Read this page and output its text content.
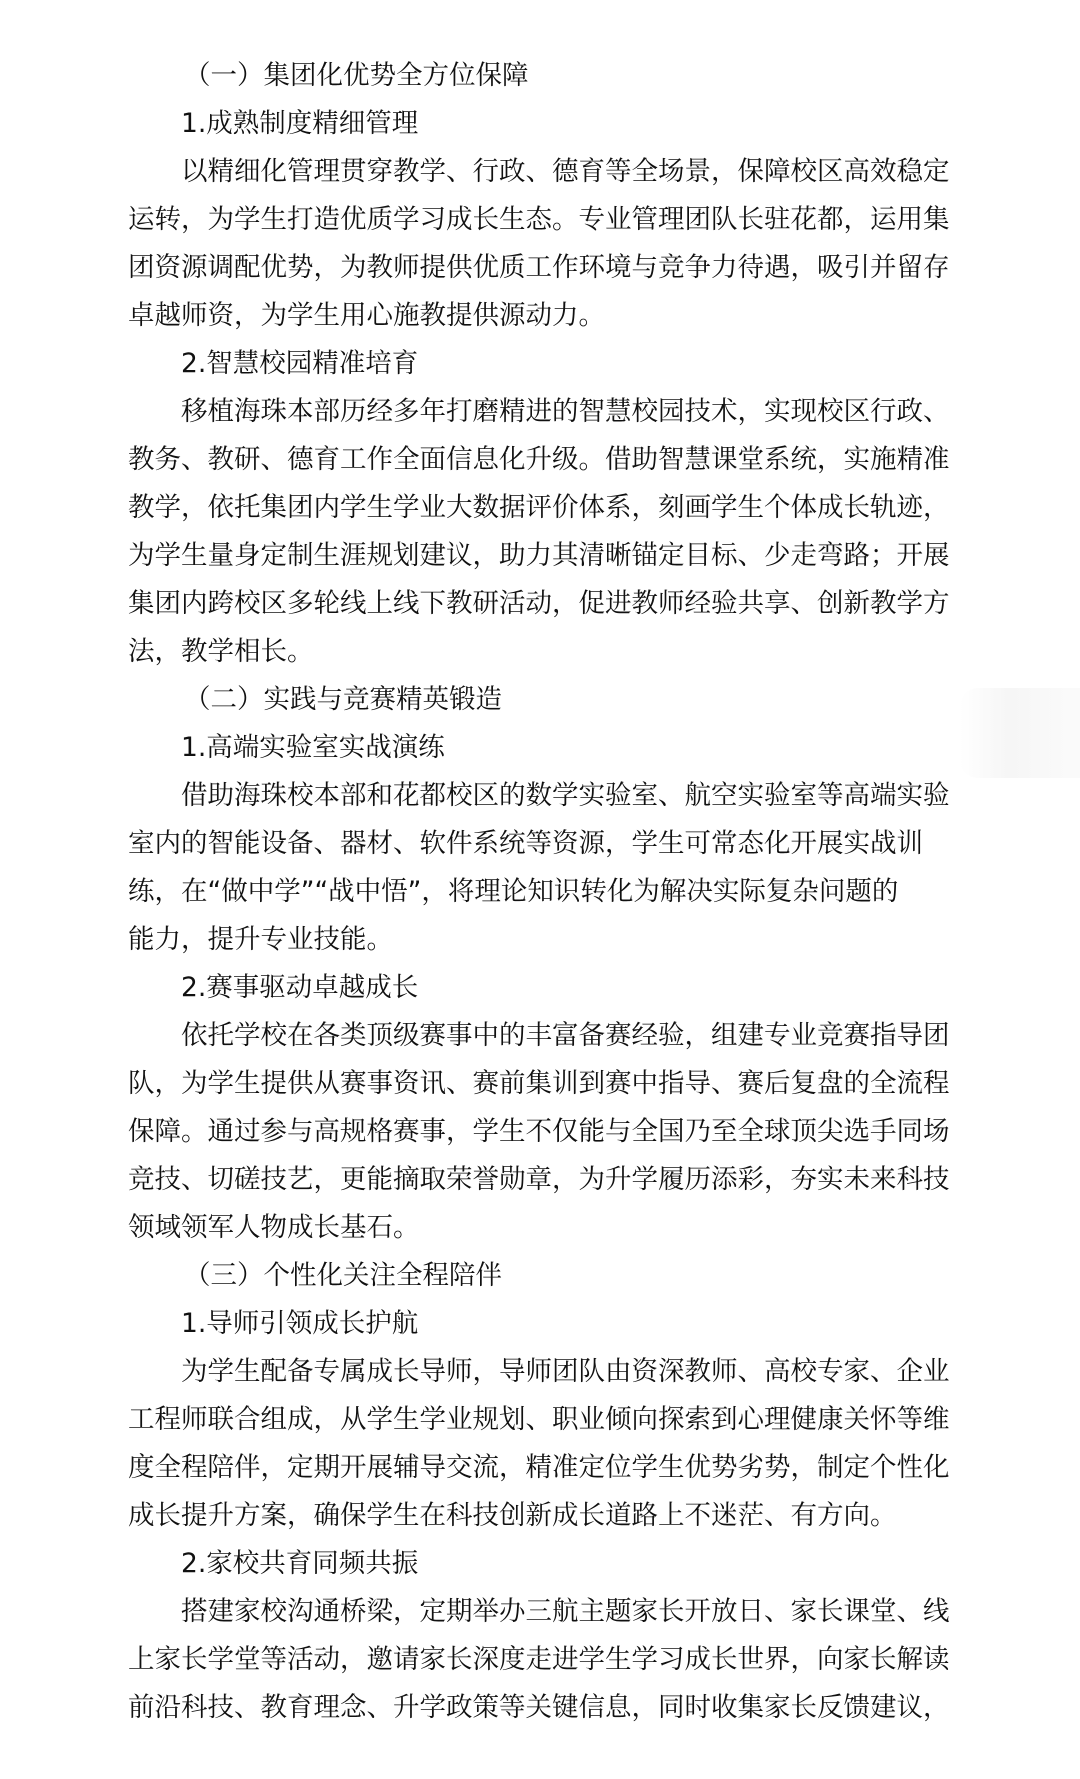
（一）集团化优势全方位保障
1.成熟制度精细管理
以精细化管理贯穿教学、行政、德育等全场景，保障校区高效稳定
运转，为学生打造优质学习成长生态。专业管理团队长驻花都，运用集
团资源调配优势，为教师提供优质工作环境与竞争力待遇，吸引并留存
卓越师资，为学生用心施教提供源动力。
2.智慧校园精准培育
移植海珠本部历经多年打磨精进的智慧校园技术，实现校区行政、
教务、教研、德育工作全面信息化升级。借助智慧课堂系统，实施精准
教学，依托集团内学生学业大数据评价体系，刻画学生个体成长轨迹，
为学生量身定制生涯规划建议，助力其清晰锚定目标、少走弯路；开展
集团内跨校区多轮线上线下教研活动，促进教师经验共享、创新教学方
法，教学相长。
（二）实践与竞赛精英锻造
1.高端实验室实战演练
借助海珠校本部和花都校区的数学实验室、航空实验室等高端实验
室内的智能设备、器材、软件系统等资源，学生可常态化开展实战训
练，在“做中学”“战中悟”，将理论知识转化为解决实际复杂问题的
能力，提升专业技能。
2.赛事驱动卓越成长
依托学校在各类顶级赛事中的丰富备赛经验，组建专业竞赛指导团
队，为学生提供从赛事资讯、赛前集训到赛中指导、赛后复盘的全流程
保障。通过参与高规格赛事，学生不仅能与全国乃至全球顶尖选手同场
竞技、切磋技艺，更能摘取荣誉勋章，为升学履历添彩，夯实未来科技
领域领军人物成长基石。
（三）个性化关注全程陪伴
1.导师引领成长护航
为学生配备专属成长导师，导师团队由资深教师、高校专家、企业
工程师联合组成，从学生学业规划、职业倾向探索到心理健康关怀等维
度全程陪伴，定期开展辅导交流，精准定位学生优势劣势，制定个性化
成长提升方案，确保学生在科技创新成长道路上不迷茫、有方向。
2.家校共育同频共振
搭建家校沟通桥梁，定期举办三航主题家长开放日、家长课堂、线
上家长学堂等活动，邀请家长深度走进学生学习成长世界，向家长解读
前沿科技、教育理念、升学政策等关键信息，同时收集家长反馈建议，
